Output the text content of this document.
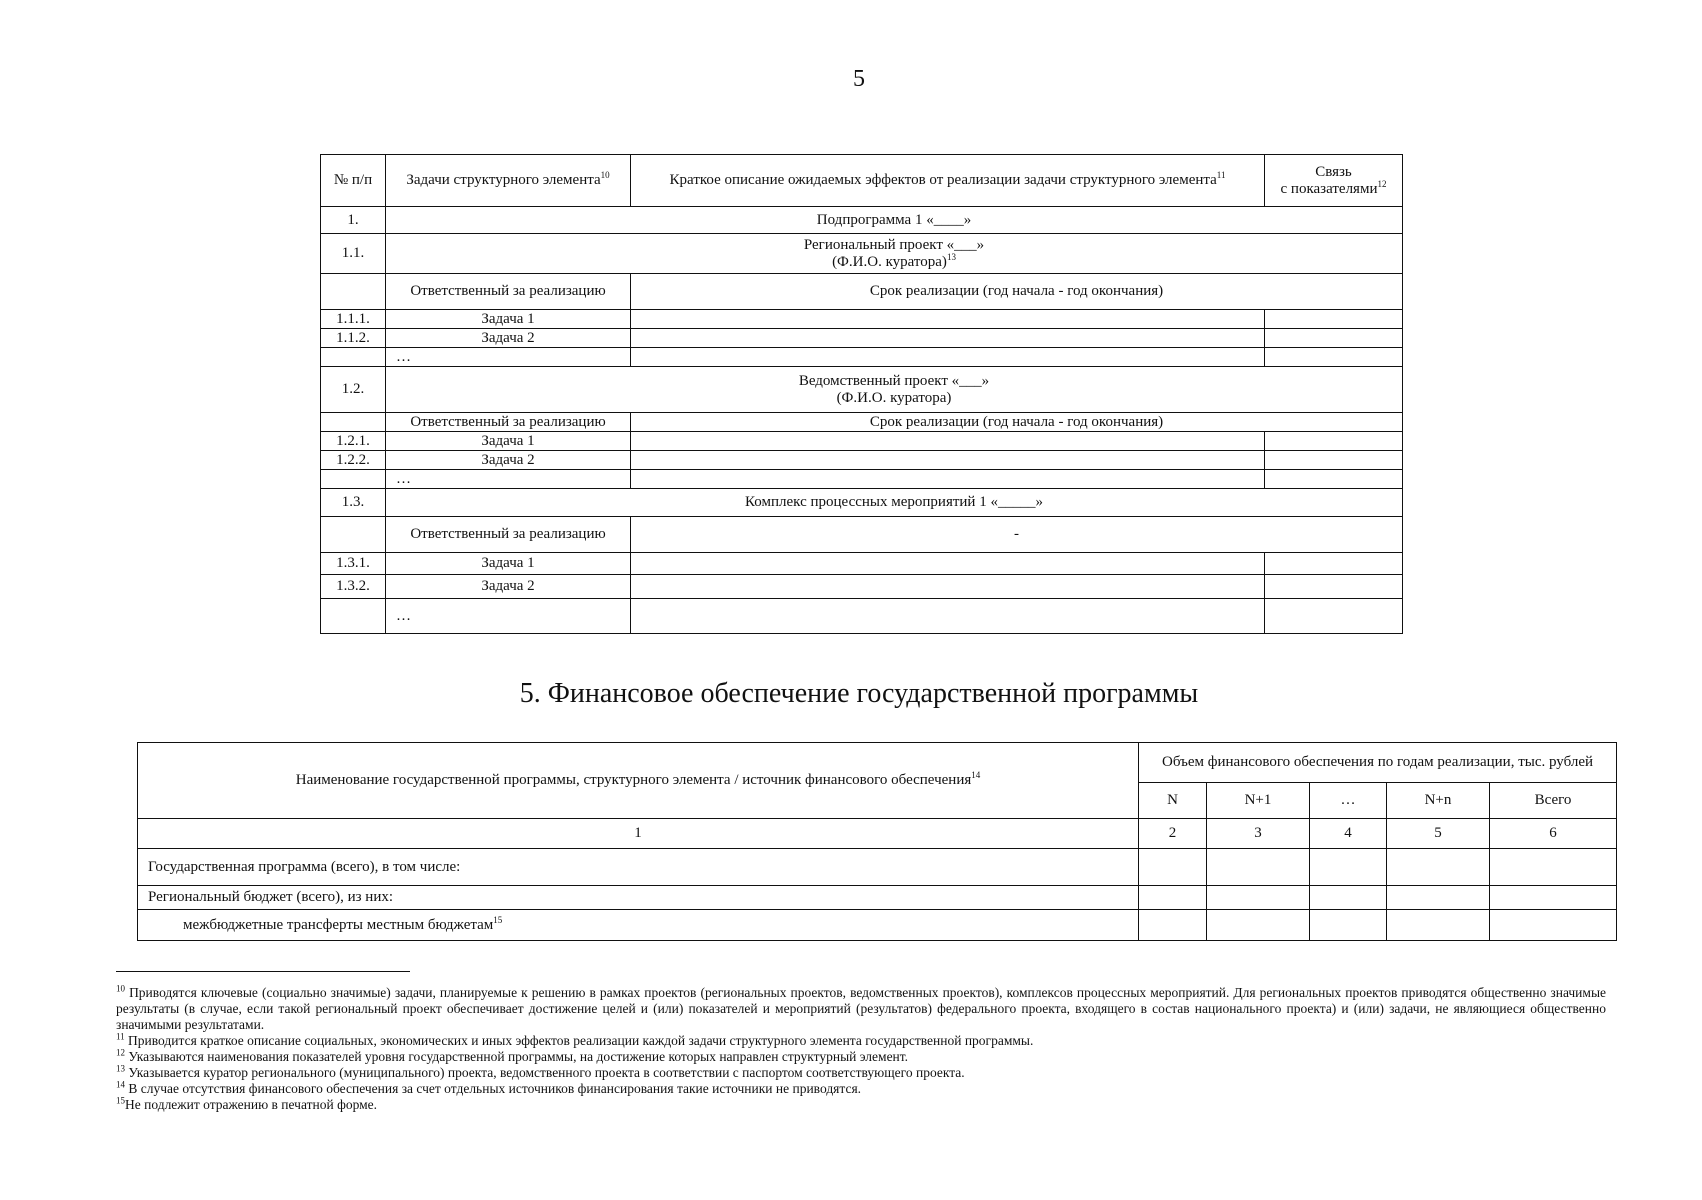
5
№ п/п	Задачи структурного элемента$^{10}$	Краткое описание ожидаемых эффектов от реализации задачи структурного элемента$^{11}$	Связь
с показателями$^{12}$
1.	Подпрограмма 1 «____»		
1.1.	Региональный проект «___»
(Ф.И.О. куратора)$^{13}$
	Ответственный за реализацию	Срок реализации (год начала - год окончания)	
1.1.1.	Задача 1		
1.1.2.	Задача 2		
	…		
1.2.	Ведомственный проект «___»
(Ф.И.О. куратора)		
	Ответственный за реализацию	Срок реализации (год начала - год окончания)	
1.2.1.	Задача 1		
1.2.2.	Задача 2		
	…		
1.3.	Комплекс процессных мероприятий 1 «_____»		
	Ответственный за реализацию	-	
1.3.1.	Задача 1		
1.3.2.	Задача 2		
	…		
5. Финансовое обеспечение государственной программы
Наименование государственной программы, структурного элемента / источник финансового обеспечения$^{14}$	Объем финансового обеспечения по годам реализации, тыс. рублей				
	N	N+1	…	N+n	Всего
1	2	3	4	5	6
Государственная программа (всего), в том числе:					
Региональный бюджет (всего), из них:					
межбюджетные трансферты местным бюджетам$^{15}$					

$^{10}$ Приводятся ключевые (социально значимые) задачи, планируемые к решению в рамках проектов (региональных проектов, ведомственных проектов), комплексов процессных мероприятий. Для региональных проектов приводятся общественно значимые результаты (в случае, если такой региональный проект обеспечивает достижение целей и (или) показателей и мероприятий (результатов) федерального проекта, входящего в состав национального проекта) и (или) задачи, не являющиеся общественно значимыми результатами.

$^{11}$ Приводится краткое описание социальных, экономических и иных эффектов реализации каждой задачи структурного элемента государственной программы.

$^{12}$ Указываются наименования показателей уровня государственной программы, на достижение которых направлен структурный элемент.

$^{13}$ Указывается куратор регионального (муниципального) проекта, ведомственного проекта в соответствии с паспортом соответствующего проекта.

$^{14}$ В случае отсутствия финансового обеспечения за счет отдельных источников финансирования такие источники не приводятся.

$^{15}$Не подлежит отражению в печатной форме.
